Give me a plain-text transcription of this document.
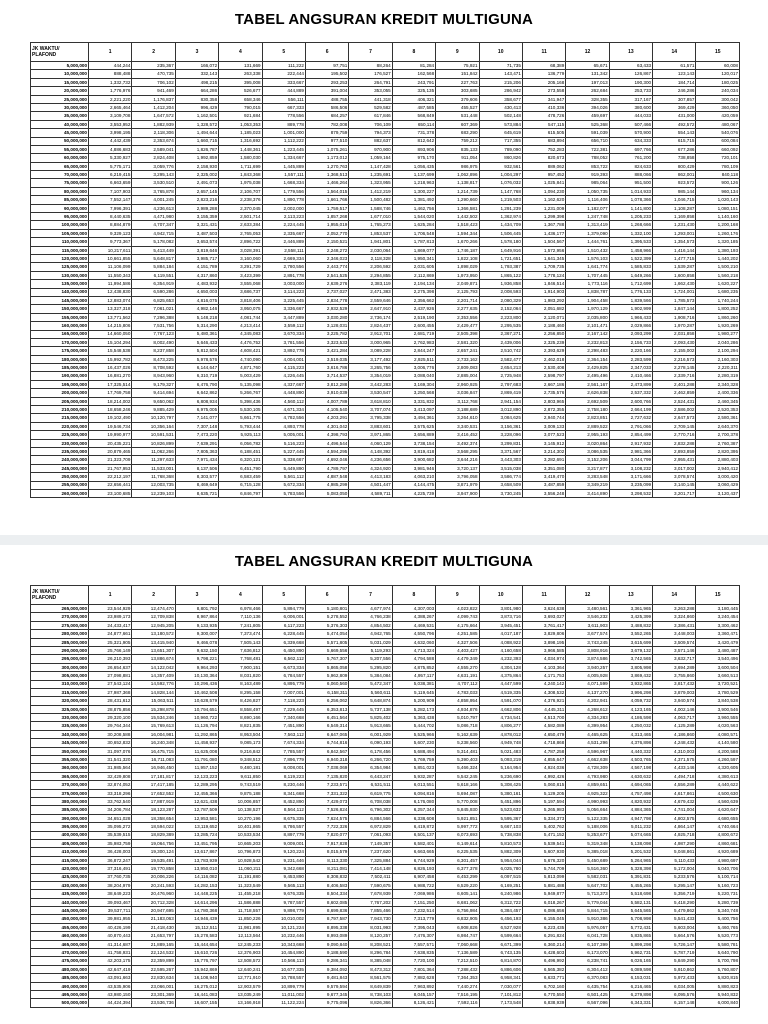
TABEL ANGSURAN KREDIT MULTIGUNA
JK WAKTU/
PLAFOND	1	2	3	4	5	6	7	8	9	10	11	12	13	14	15
5,000,000	444,244	235,367	166,072	131,669	111,222	97,751	88,264	81,284	75,921	71,735	68,389	65,671	63,433	61,571	60,008
10,000,000	888,488	470,735	332,143	263,338	222,444	195,502	176,527	162,568	151,842	143,471	136,779	131,342	126,867	123,143	120,017
15,000,000	1,332,732	706,102	498,215	395,008	333,667	293,253	264,791	243,791	227,763	215,206	205,168	197,013	190,300	184,714	180,025
20,000,000	1,776,976	941,469	664,286	526,677	444,889	391,004	353,055	325,135	303,685	286,942	273,558	262,684	253,733	246,286	240,034
25,000,000	2,221,220	1,176,837	830,358	658,346	556,111	488,755	441,318	406,321	379,606	358,677	341,947	328,355	317,167	307,857	300,042
30,000,000	2,665,464	1,412,204	996,429	790,015	667,333	586,506	529,582	487,585	455,527	430,413	410,336	394,026	380,600	369,429	360,050
35,000,000	3,109,708	1,647,572	1,162,501	921,684	778,556	684,257	617,846	568,849	531,448	502,148	478,726	459,697	444,033	431,000	420,059
40,000,000	3,553,952	1,882,939	1,328,572	1,053,353	889,778	782,008	706,109	650,114	607,369	573,884	547,115	525,368	507,466	492,572	480,067
45,000,000	3,998,195	2,118,306	1,494,644	1,185,023	1,001,000	879,759	794,373	731,378	683,290	645,619	615,505	591,039	570,900	554,143	540,076
50,000,000	4,442,439	2,353,674	1,660,715	1,316,692	1,112,222	977,510	882,637	812,642	759,212	717,355	683,894	656,710	634,333	615,715	600,084
55,000,000	4,886,683	2,589,041	1,826,787	1,448,361	1,223,445	1,075,261	970,900	893,906	835,133	789,090	752,283	722,381	697,766	677,286	660,092
60,000,000	5,330,927	2,824,408	1,992,859	1,580,030	1,334,667	1,173,012	1,059,164	975,170	911,054	860,826	820,673	788,052	761,200	738,858	720,101
65,000,000	5,775,171	3,059,776	2,158,930	1,711,699	1,445,889	1,270,763	1,147,428	1,056,435	986,975	932,561	889,062	853,722	824,633	800,429	780,109
70,000,000	6,219,415	3,295,143	2,325,002	1,843,368	1,557,111	1,368,513	1,235,691	1,137,699	1,062,896	1,004,297	957,452	919,393	888,066	862,001	840,118
75,000,000	6,663,659	3,530,510	2,491,073	1,975,038	1,668,334	1,466,264	1,323,955	1,218,963	1,138,817	1,076,032	1,025,841	985,064	951,500	923,572	900,126
80,000,000	7,107,903	3,765,878	2,657,145	2,106,707	1,779,556	1,564,015	1,412,219	1,300,227	1,214,739	1,147,768	1,094,230	1,050,735	1,014,933	985,144	960,134
85,000,000	7,552,147	4,001,245	2,823,216	2,238,376	1,890,778	1,661,766	1,500,482	1,381,492	1,290,660	1,219,503	1,162,620	1,116,406	1,078,366	1,046,715	1,020,143
90,000,000	7,996,391	4,236,613	2,989,288	2,370,045	2,002,000	1,759,517	1,588,746	1,462,756	1,366,581	1,291,239	1,231,009	1,182,077	1,141,800	1,108,287	1,080,151
95,000,000	8,440,635	4,471,980	3,155,359	2,501,714	2,113,223	1,857,268	1,677,010	1,544,020	1,442,502	1,362,974	1,299,398	1,247,748	1,205,233	1,169,858	1,140,160
100,000,000	8,884,879	4,707,347	3,321,431	2,633,384	2,224,445	1,955,019	1,765,273	1,625,284	1,518,423	1,434,709	1,367,788	1,313,419	1,268,666	1,231,430	1,200,168
105,000,000	9,329,123	4,942,715	3,487,503	2,765,053	2,335,667	2,052,770	1,853,537	1,706,548	1,594,344	1,506,445	1,436,177	1,379,090	1,332,100	1,293,001	1,260,176
110,000,000	9,773,367	5,178,082	3,653,574	2,896,722	2,446,889	2,150,521	1,941,801	1,787,813	1,670,266	1,578,180	1,504,567	1,444,761	1,395,533	1,354,573	1,320,185
115,000,000	10,217,611	5,413,449	3,819,646	3,028,391	2,558,111	2,248,272	2,030,064	1,869,077	1,746,187	1,649,916	1,572,956	1,510,432	1,458,966	1,416,144	1,380,193
120,000,000	10,661,855	5,648,817	3,985,717	3,160,060	2,669,334	2,346,023	2,118,328	1,950,341	1,822,108	1,721,651	1,641,345	1,576,103	1,522,399	1,477,715	1,440,202
125,000,000	11,106,099	5,884,184	4,151,789	3,291,729	2,780,556	2,443,774	2,206,592	2,031,605	1,898,029	1,793,387	1,709,735	1,641,774	1,585,833	1,539,287	1,500,210
130,000,000	11,550,343	6,119,551	4,317,860	3,423,399	2,891,778	2,541,525	2,294,855	2,112,869	1,973,950	1,865,122	1,778,124	1,707,445	1,649,266	1,600,858	1,560,218
135,000,000	11,994,586	6,354,919	4,483,932	3,555,068	3,003,000	2,639,276	2,383,119	2,194,134	2,049,871	1,936,858	1,846,514	1,773,116	1,712,699	1,662,430	1,620,227
140,000,000	12,438,830	6,590,286	4,650,003	3,686,737	3,114,223	2,737,027	2,471,383	2,275,398	2,125,793	2,008,593	1,914,903	1,838,787	1,776,133	1,724,001	1,680,235
145,000,000	12,883,074	6,825,653	4,816,075	3,818,406	3,225,445	2,834,778	2,559,646	2,356,662	2,201,714	2,080,329	1,983,292	1,904,458	1,839,566	1,785,573	1,740,244
150,000,000	13,327,318	7,061,021	4,982,146	3,950,075	3,336,667	2,932,529	2,647,910	2,437,926	2,277,635	2,152,064	2,051,682	1,970,129	1,902,999	1,847,144	1,800,252
155,000,000	13,771,562	7,296,388	5,148,218	4,081,744	3,447,889	3,030,280	2,736,174	2,519,190	2,353,556	2,223,800	2,120,071	2,035,800	1,966,433	1,908,716	1,860,260
160,000,000	14,215,806	7,531,756	5,314,290	4,213,414	3,559,112	3,128,031	2,824,437	2,600,455	2,429,477	2,295,535	2,188,460	2,101,471	2,029,866	1,970,287	1,920,269
165,000,000	14,660,050	7,767,123	5,480,361	4,345,083	3,670,334	3,225,782	2,912,701	2,681,719	2,505,398	2,367,271	2,256,850	2,167,142	2,093,299	2,031,858	1,980,277
170,000,000	15,104,294	8,002,490	5,646,433	4,476,752	3,781,556	3,323,533	3,000,965	2,762,983	2,581,320	2,439,006	2,325,239	2,232,813	2,156,733	2,093,430	2,040,286
175,000,000	15,548,538	8,237,858	5,812,504	4,608,421	3,892,778	3,421,284	3,089,228	2,844,247	2,657,241	2,510,742	2,393,629	2,298,483	2,220,166	2,155,002	2,100,294
180,000,000	15,992,782	8,473,225	5,978,576	4,740,090	4,004,001	3,519,035	3,177,492	2,925,511	2,733,162	2,582,477	2,462,018	2,364,154	2,283,599	2,216,573	2,160,303
185,000,000	16,437,026	8,708,592	6,144,647	4,871,760	4,115,223	3,616,786	3,265,756	3,006,776	2,809,083	2,654,213	2,530,408	2,429,825	2,347,033	2,278,145	2,220,311
190,000,000	16,881,270	8,943,960	6,310,719	5,003,429	4,226,445	3,714,537	3,354,019	3,088,040	2,885,004	2,725,948	2,598,797	2,495,496	2,410,466	2,339,716	2,280,319
195,000,000	17,325,514	9,179,327	6,476,790	5,135,098	4,337,667	3,812,288	3,442,283	3,169,304	2,960,925	2,797,683	2,667,186	2,561,167	2,473,899	2,401,288	2,340,328
200,000,000	17,769,758	9,414,694	6,642,862	5,266,767	4,448,890	3,910,039	3,530,547	3,250,568	3,036,847	2,869,419	2,735,576	2,626,838	2,537,332	2,462,859	2,400,336
205,000,000	18,214,002	9,650,062	6,808,934	5,398,436	4,560,112	4,007,789	3,618,810	3,331,832	3,112,768	2,941,154	2,803,965	2,692,509	2,600,766	2,524,431	2,460,345
210,000,000	18,658,246	9,885,429	6,975,005	5,530,105	4,671,334	4,105,540	3,707,074	3,413,097	3,188,689	3,012,890	2,872,355	2,758,180	2,664,199	2,586,002	2,520,353
215,000,000	19,102,490	10,120,797	7,141,077	5,661,775	4,782,556	4,203,291	3,795,338	3,494,361	3,264,610	3,084,625	2,940,744	2,823,851	2,727,632	2,647,573	2,580,361
220,000,000	19,546,734	10,356,164	7,307,148	5,793,444	4,893,778	4,301,042	3,883,601	3,575,625	3,340,531	3,156,361	3,009,133	2,889,522	2,791,066	2,709,145	2,640,370
225,000,000	19,990,977	10,591,531	7,473,220	5,925,113	5,005,001	4,398,793	3,971,865	3,656,889	3,416,452	3,228,096	3,077,523	2,955,193	2,854,499	2,770,716	2,700,378
230,000,000	20,435,221	10,826,899	7,639,291	6,056,782	5,116,223	4,496,544	4,060,129	3,738,154	3,492,374	3,299,831	3,145,912	3,020,864	2,917,932	2,832,288	2,760,387
235,000,000	20,879,465	11,062,266	7,805,363	6,188,451	5,227,445	4,594,295	4,148,392	3,819,418	3,568,295	3,371,567	3,214,302	3,086,535	2,981,366	2,893,859	2,820,395
240,000,000	21,323,709	11,297,633	7,971,434	6,320,121	5,338,667	4,692,046	4,236,656	3,900,682	3,644,216	3,443,303	3,282,691	3,152,206	3,044,799	2,955,431	2,880,403
245,000,000	21,767,953	11,533,001	8,137,506	6,451,790	5,449,890	4,789,797	4,324,920	3,981,946	3,720,137	3,515,038	3,351,080	3,217,877	3,108,232	3,017,002	2,940,412
250,000,000	22,212,197	11,768,368	8,303,577	6,583,459	5,561,112	4,887,548	4,413,183	4,063,210	3,796,058	3,586,774	3,419,470	3,283,548	3,171,666	3,078,574	3,000,420
255,000,000	22,656,441	12,003,735	8,469,649	6,715,128	5,672,334	4,985,299	4,501,447	4,144,475	3,871,979	3,658,509	3,487,859	3,349,219	3,235,099	3,140,145	3,060,429
260,000,000	23,100,685	12,239,103	8,635,721	6,846,797	5,783,556	5,083,050	4,589,711	4,225,739	3,947,900	3,730,245	3,556,248	3,414,890	3,298,532	3,201,717	3,120,437
TABEL ANGSURAN KREDIT MULTIGUNA
JK WAKTU/
PLAFOND	1	2	3	4	5	6	7	8	9	10	11	12	13	14	15
265,000,000	23,544,929	12,474,470	8,801,792	6,978,466	5,894,779	5,180,801	4,677,974	4,307,003	4,023,822	3,801,980	3,624,638	3,480,561	3,361,965	3,263,288	3,180,445
270,000,000	23,989,173	12,709,838	8,967,864	7,110,136	6,006,001	5,278,552	4,766,238	4,388,267	4,099,743	3,873,716	3,693,027	3,546,232	3,425,399	3,324,860	3,240,454
275,000,000	24,433,417	12,945,205	9,133,935	7,241,805	6,117,223	5,376,303	4,854,502	4,469,531	4,175,664	3,945,451	3,761,417	3,611,903	3,488,832	3,386,431	3,300,462
280,000,000	24,877,661	13,180,572	9,300,007	7,373,474	6,228,445	5,474,054	4,942,765	4,550,796	4,251,585	4,017,187	3,829,806	3,677,574	3,552,265	3,448,003	3,360,471
285,000,000	25,321,905	13,415,940	9,466,078	7,505,143	6,339,668	5,571,805	5,031,029	4,632,060	4,327,506	4,088,922	3,898,195	3,743,245	3,615,699	3,509,574	3,420,479
290,000,000	25,766,149	13,651,307	9,632,150	7,636,812	6,450,890	5,669,556	5,119,293	4,713,324	4,403,427	4,160,658	3,966,585	3,808,916	3,679,132	3,571,146	3,480,487
295,000,000	26,210,393	13,886,674	9,798,221	7,768,481	6,562,112	5,767,307	5,207,556	4,794,588	4,479,349	4,232,393	4,034,974	3,874,586	3,742,565	3,632,717	3,540,496
300,000,000	26,654,637	14,122,042	9,964,293	7,900,151	6,673,334	5,865,058	5,295,820	4,875,852	4,555,270	4,304,128	4,103,364	3,940,257	3,805,998	3,694,289	3,600,504
305,000,000	27,098,881	14,357,409	10,130,364	8,031,820	6,784,557	5,962,809	5,384,084	4,957,117	4,631,191	4,375,864	4,171,753	4,005,928	3,869,432	3,755,860	3,660,513
310,000,000	27,543,124	14,592,776	10,296,436	8,163,489	6,895,779	6,060,560	5,472,347	5,038,381	4,707,112	4,447,599	4,240,142	4,071,599	3,932,865	3,817,432	3,720,521
315,000,000	27,987,368	14,828,144	10,462,508	8,295,158	7,007,001	6,158,311	5,560,611	5,119,645	4,783,033	4,519,335	4,308,532	4,137,270	3,996,298	3,879,003	3,780,529
320,000,000	28,431,612	15,063,511	10,628,579	8,426,827	7,118,223	6,256,062	5,648,874	5,200,909	4,858,954	4,591,070	4,376,921	4,202,941	4,059,732	3,940,574	3,840,538
325,000,000	28,875,856	15,298,878	10,794,651	8,558,497	7,229,445	6,353,813	5,737,138	5,282,173	4,934,876	4,662,806	4,445,311	4,268,612	4,123,165	4,002,146	3,900,546
330,000,000	29,320,100	15,534,246	10,960,722	8,690,166	7,340,668	6,451,564	5,825,402	5,363,438	5,010,797	4,734,541	4,513,700	4,334,283	4,186,598	4,063,717	3,960,555
335,000,000	29,764,344	15,769,613	11,126,794	8,821,835	7,451,890	6,549,314	5,913,665	5,444,702	5,086,718	4,806,277	4,582,089	4,399,954	4,250,032	4,125,289	4,020,563
340,000,000	30,208,588	16,004,981	11,292,865	8,953,504	7,563,112	6,647,065	6,001,929	5,525,966	5,162,639	4,878,012	4,650,479	4,465,625	4,313,465	4,186,860	4,080,571
345,000,000	30,652,832	16,240,348	11,458,937	9,085,173	7,674,334	6,744,816	6,090,193	5,607,230	5,238,560	4,949,748	4,718,868	4,531,296	4,376,898	4,248,432	4,140,580
350,000,000	31,097,076	16,475,715	11,625,008	9,216,842	7,785,557	6,842,567	6,178,456	5,688,494	5,314,481	5,021,483	4,787,258	4,596,967	4,440,332	4,310,003	4,200,588
355,000,000	31,541,320	16,711,083	11,791,080	9,348,512	7,896,779	6,940,318	6,266,720	5,769,759	5,390,403	5,093,219	4,855,647	4,662,638	4,503,765	4,371,575	4,260,597
360,000,000	31,985,564	16,946,450	11,957,152	9,480,181	8,008,001	7,038,069	6,354,984	5,851,023	5,466,324	5,164,954	4,924,036	4,728,309	4,567,198	4,433,146	4,320,605
365,000,000	32,429,808	17,181,817	12,123,223	9,611,850	8,119,223	7,135,820	6,443,247	5,932,287	5,542,245	5,236,690	4,992,426	4,793,980	4,630,632	4,494,718	4,380,613
370,000,000	32,874,052	17,417,185	12,289,295	9,743,519	8,230,446	7,233,571	6,531,511	6,013,551	5,618,166	5,308,425	5,060,815	4,859,651	4,694,065	4,556,289	4,440,622
375,000,000	33,318,296	17,652,552	12,455,366	9,875,188	8,341,668	7,331,322	6,619,775	6,094,816	5,694,087	5,380,161	5,129,205	4,925,322	4,757,498	4,617,861	4,500,630
380,000,000	33,762,540	17,887,919	12,621,438	10,006,857	8,452,890	7,429,073	6,708,038	6,176,080	5,770,008	5,451,896	5,197,594	4,990,993	4,820,932	4,679,432	4,560,639
385,000,000	34,206,784	18,123,287	12,787,509	10,138,527	8,564,112	7,526,824	6,796,302	6,257,344	5,845,930	5,523,632	5,265,983	5,056,664	4,884,365	4,741,004	4,620,647
390,000,000	34,651,028	18,358,654	12,953,581	10,270,196	8,675,335	7,624,575	6,884,566	6,338,608	5,921,851	5,595,367	5,334,373	5,122,335	4,947,798	4,802,575	4,680,655
395,000,000	35,095,272	18,594,022	13,119,652	10,401,865	8,786,557	7,722,326	6,972,829	6,419,872	5,997,772	5,667,103	5,402,762	5,188,006	5,011,232	4,864,147	4,740,664
400,000,000	35,539,515	18,829,389	13,285,724	10,533,534	8,897,779	7,820,077	7,061,093	6,501,137	6,073,693	5,738,838	5,471,152	5,253,677	5,074,665	4,925,718	4,800,672
405,000,000	35,983,759	19,064,756	13,451,795	10,665,203	9,009,001	7,917,828	7,149,357	6,582,401	6,149,614	5,810,573	5,539,541	5,319,348	5,138,098	4,987,290	4,860,681
410,000,000	36,428,003	19,300,124	13,617,867	10,796,873	9,120,224	8,015,579	7,237,620	6,663,665	6,225,535	5,882,309	5,607,930	5,385,018	5,201,532	5,048,861	4,920,689
415,000,000	36,872,247	19,535,491	13,783,939	10,928,542	9,231,446	8,113,330	7,325,884	6,744,929	6,301,457	5,954,044	5,676,320	5,450,689	5,264,965	5,110,433	4,980,697
420,000,000	37,316,491	19,770,858	13,950,010	11,060,211	9,342,668	8,211,081	7,414,148	6,826,193	6,377,378	6,025,780	5,744,709	5,516,360	5,328,398	5,172,004	5,040,706
425,000,000	37,760,735	20,006,226	14,116,082	11,191,880	9,453,890	8,308,832	7,502,411	6,907,458	6,453,299	6,097,515	5,813,099	5,582,031	5,391,831	5,233,576	5,100,714
430,000,000	38,204,979	20,241,593	14,282,153	11,323,549	9,565,113	8,406,583	7,590,675	6,988,722	6,529,220	6,169,251	5,881,488	5,647,702	5,455,265	5,295,147	5,160,723
435,000,000	38,649,223	20,476,960	14,448,225	11,455,218	9,676,335	8,504,334	7,678,939	7,069,986	6,605,141	6,240,986	5,949,877	5,713,373	5,518,698	5,356,719	5,220,731
440,000,000	39,093,467	20,712,328	14,614,296	11,586,888	9,787,557	8,602,085	7,767,202	7,151,250	6,681,062	6,312,722	6,018,267	5,779,044	5,582,131	5,418,290	5,280,739
445,000,000	39,537,711	20,947,695	14,780,368	11,718,557	9,898,779	8,699,836	7,855,466	7,232,514	6,756,984	6,384,457	6,086,656	5,844,715	5,645,565	5,479,862	5,340,748
450,000,000	39,981,955	21,183,063	14,946,439	11,850,226	10,010,002	8,797,587	7,943,730	7,313,779	6,832,905	6,456,193	6,155,045	5,910,386	5,708,998	5,541,433	5,400,756
455,000,000	40,426,199	21,418,430	15,112,511	11,981,895	10,121,224	8,895,338	8,031,993	7,395,043	6,908,826	6,527,928	6,223,435	5,976,057	5,772,431	5,603,004	5,460,765
460,000,000	40,870,443	21,653,797	15,278,583	12,113,564	10,232,446	8,993,089	8,120,257	7,476,307	6,984,747	6,599,664	6,291,824	6,041,728	5,835,865	5,664,576	5,520,773
465,000,000	41,314,687	21,889,165	15,444,654	12,245,233	10,343,668	9,090,840	8,208,521	7,557,571	7,060,668	6,671,399	6,360,214	6,107,399	5,899,298	5,726,147	5,580,781
470,000,000	41,758,931	22,124,532	15,610,726	12,376,903	10,454,890	9,188,590	8,296,784	7,638,835	7,136,589	6,743,135	6,428,603	6,173,070	5,962,731	5,787,719	5,640,790
475,000,000	42,203,175	22,359,899	15,776,797	12,508,572	10,566,113	9,286,341	8,385,048	7,720,100	7,212,510	6,814,870	6,496,992	6,238,741	6,026,165	5,849,290	5,700,798
480,000,000	42,647,419	22,595,267	15,942,869	12,640,241	10,677,335	9,384,092	8,473,312	7,801,364	7,288,432	6,886,606	6,565,382	6,304,412	6,089,598	5,910,862	5,760,807
485,000,000	43,091,663	22,830,634	16,108,940	12,771,910	10,788,557	9,481,843	8,561,575	7,882,628	7,364,353	6,958,341	6,633,771	6,370,083	6,153,031	5,972,433	5,820,815
490,000,000	43,535,906	23,066,001	16,275,012	12,903,579	10,899,779	9,579,594	8,649,839	7,963,892	7,440,274	7,030,077	6,702,160	6,435,754	6,216,465	6,034,005	5,880,823
495,000,000	43,980,150	23,301,369	16,441,083	13,035,249	11,011,002	9,677,345	8,738,103	8,045,157	7,516,195	7,101,812	6,770,550	6,501,425	6,279,898	6,095,576	5,940,832
500,000,000	44,424,394	23,536,736	16,607,155	13,166,918	11,122,224	9,775,096	8,826,366	8,126,421	7,592,116	7,173,548	6,838,939	6,567,096	6,343,331	6,157,148	6,000,840
